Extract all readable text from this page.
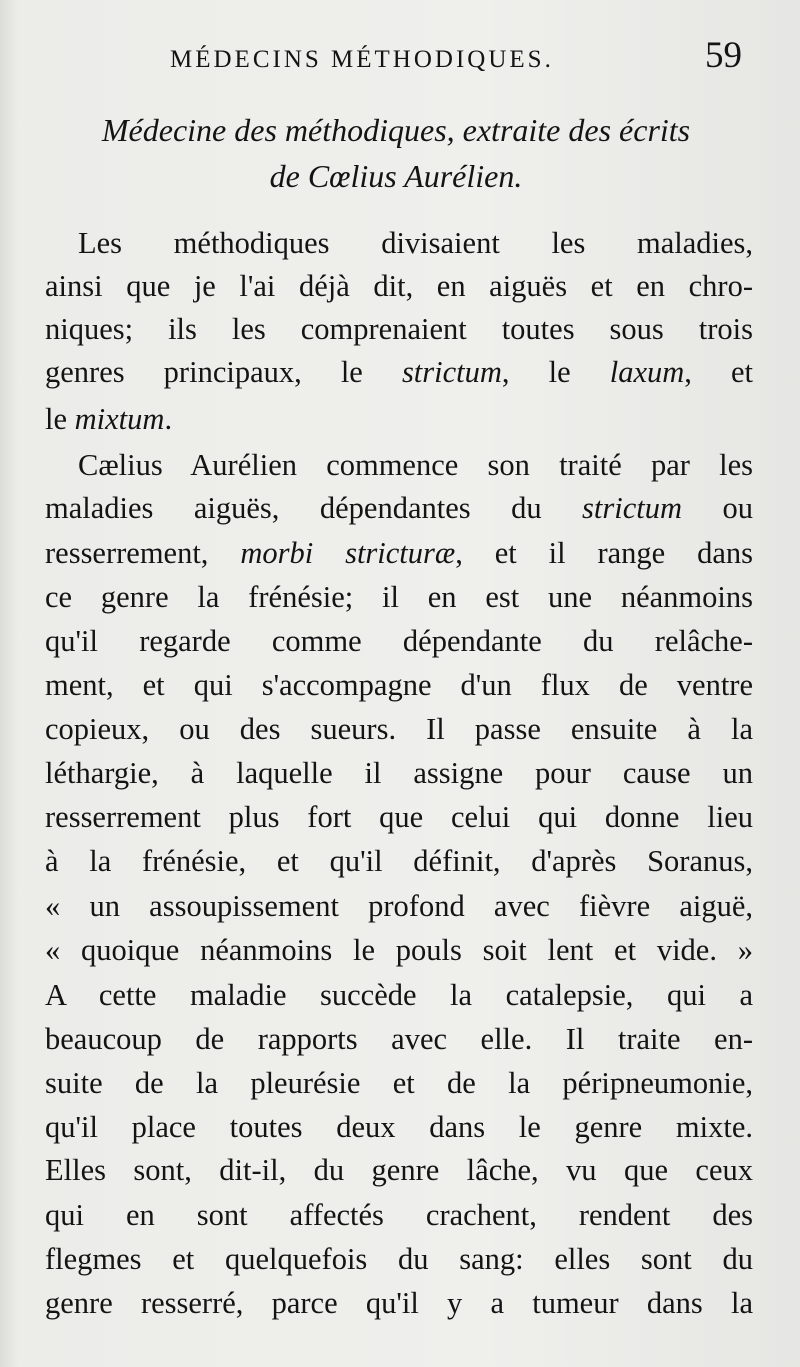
MÉDECINS MÉTHODIQUES.	59
Médecine des méthodiques, extraite des écrits
de Cœlius Aurélien.
Les méthodiques divisaient les maladies,
ainsi que je l'ai déjà dit, en aiguës et en chro-
niques; ils les comprenaient toutes sous trois
genres principaux, le strictum, le laxum, et
le mixtum.
Cælius Aurélien commence son traité par les
maladies aiguës, dépendantes du strictum ou
resserrement, morbi stricturæ, et il range dans
ce genre la frénésie; il en est une néanmoins
qu'il regarde comme dépendante du relâche-
ment, et qui s'accompagne d'un flux de ventre
copieux, ou des sueurs. Il passe ensuite à la
léthargie, à laquelle il assigne pour cause un
resserrement plus fort que celui qui donne lieu
à la frénésie, et qu'il définit, d'après Soranus,
« un assoupissement profond avec fièvre aiguë,
« quoique néanmoins le pouls soit lent et vide. »
A cette maladie succède la catalepsie, qui a
beaucoup de rapports avec elle. Il traite en-
suite de la pleurésie et de la péripneumonie,
qu'il place toutes deux dans le genre mixte.
Elles sont, dit-il, du genre lâche, vu que ceux
qui en sont affectés crachent, rendent des
flegmes et quelquefois du sang: elles sont du
genre resserré, parce qu'il y a tumeur dans la
